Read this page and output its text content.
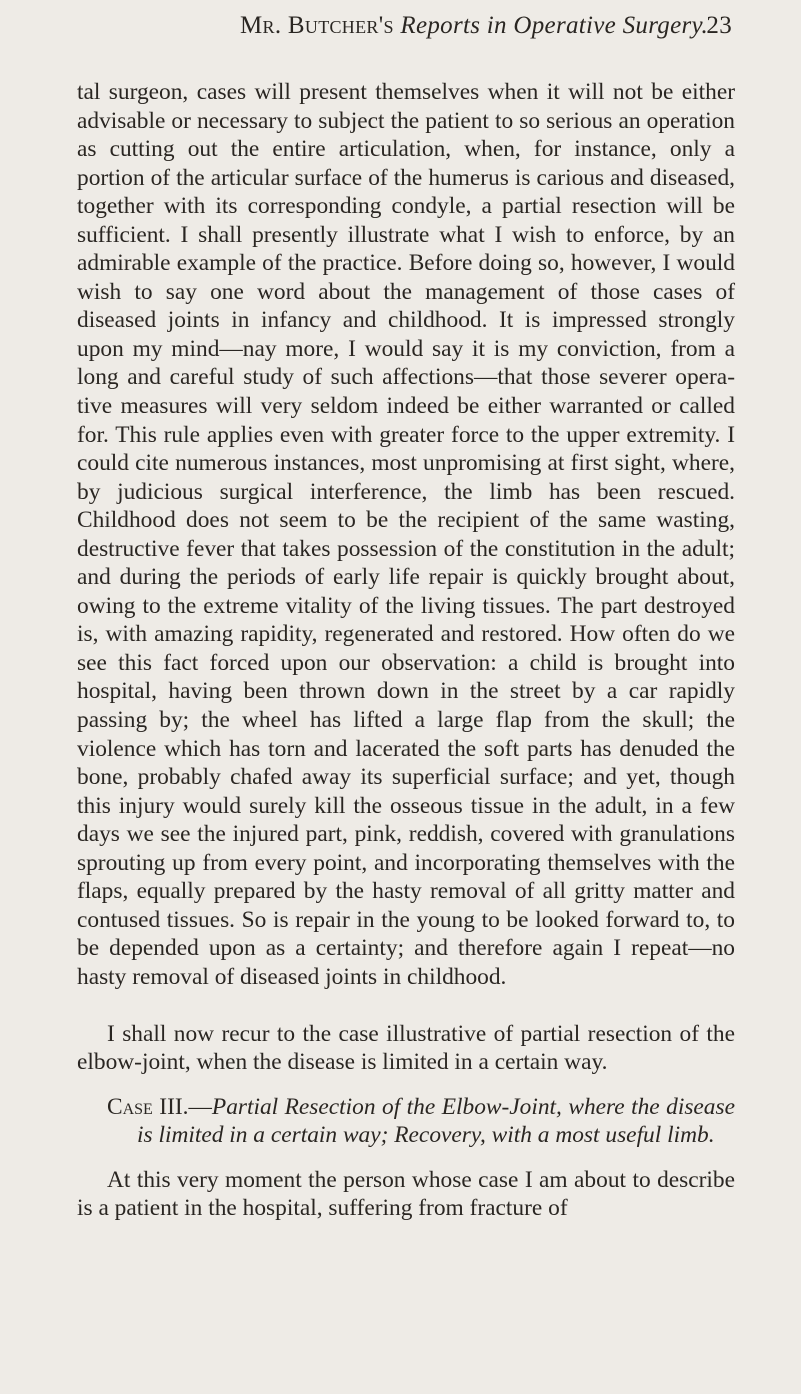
Mr. Butcher's Reports in Operative Surgery.
23

tal surgeon, cases will present themselves when it will not be either advisable or necessary to subject the patient to so serious an operation as cutting out the entire articulation, when, for instance, only a portion of the articular surface of the humerus is carious and diseased, together with its corresponding condyle, a partial resection will be sufficient. I shall presently illustrate what I wish to enforce, by an admirable example of the practice. Before doing so, however, I would wish to say one word about the management of those cases of diseased joints in infancy and childhood. It is impressed strongly upon my mind—nay more, I would say it is my conviction, from a long and careful study of such affections—that those severer operative measures will very seldom indeed be either warranted or called for. This rule applies even with greater force to the upper extremity. I could cite numerous instances, most unpromising at first sight, where, by judicious surgical interference, the limb has been rescued. Childhood does not seem to be the recipient of the same wasting, destructive fever that takes possession of the constitution in the adult; and during the periods of early life repair is quickly brought about, owing to the extreme vitality of the living tissues. The part destroyed is, with amazing rapidity, regenerated and restored. How often do we see this fact forced upon our observation: a child is brought into hospital, having been thrown down in the street by a car rapidly passing by; the wheel has lifted a large flap from the skull; the violence which has torn and lacerated the soft parts has denuded the bone, probably chafed away its superficial surface; and yet, though this injury would surely kill the osseous tissue in the adult, in a few days we see the injured part, pink, reddish, covered with granulations sprouting up from every point, and incorporating themselves with the flaps, equally prepared by the hasty removal of all gritty matter and contused tissues. So is repair in the young to be looked forward to, to be depended upon as a certainty; and therefore again I repeat—no hasty removal of diseased joints in childhood.

I shall now recur to the case illustrative of partial resection of the elbow-joint, when the disease is limited in a certain way.

Case III.—Partial Resection of the Elbow-Joint, where the disease is limited in a certain way; Recovery, with a most useful limb.

At this very moment the person whose case I am about to describe is a patient in the hospital, suffering from fracture of
